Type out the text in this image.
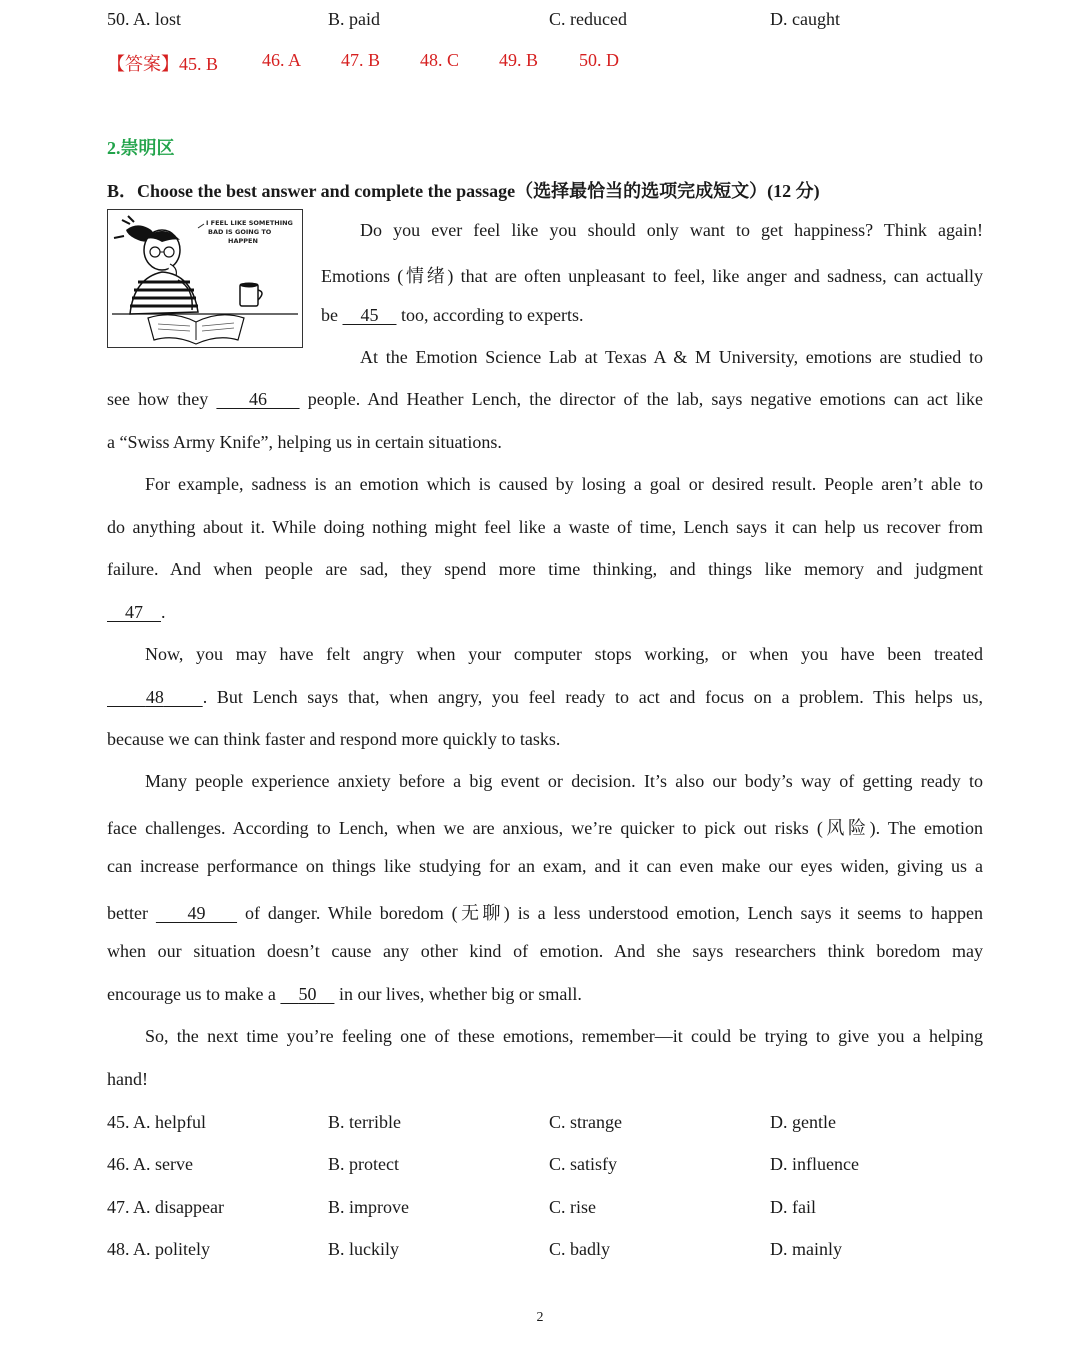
50. A. lost	B. paid	C. reduced	D. caught
【答案】45. B 46. A 47. B 48. C 49. B 50. D
2.崇明区
B．Choose the best answer and complete the passage（选择最恰当的选项完成短文）(12 分)
I FEEL LIKE SOMETHING
BAD IS GOING TO
HAPPEN
Do you ever feel like you should only want to get happiness? Think again!
Emotions (情绪) that are often unpleasant to feel, like anger and sadness, can actually
be 45 too, according to experts.
At the Emotion Science Lab at Texas A & M University, emotions are studied to
see how they 46 people. And Heather Lench, the director of the lab, says negative emotions can act like
a “Swiss Army Knife”, helping us in certain situations.
For example, sadness is an emotion which is caused by losing a goal or desired result. People aren’t able to
do anything about it. While doing nothing might feel like a waste of time, Lench says it can help us recover from
failure. And when people are sad, they spend more time thinking, and things like memory and judgment
47 .
Now, you may have felt angry when your computer stops working, or when you have been treated
48 . But Lench says that, when angry, you feel ready to act and focus on a problem. This helps us,
because we can think faster and respond more quickly to tasks.
Many people experience anxiety before a big event or decision. It’s also our body’s way of getting ready to
face challenges. According to Lench, when we are anxious, we’re quicker to pick out risks (风险). The emotion
can increase performance on things like studying for an exam, and it can even make our eyes widen, giving us a
better 49 of danger. While boredom (无聊) is a less understood emotion, Lench says it seems to happen
when our situation doesn’t cause any other kind of emotion. And she says researchers think boredom may
encourage us to make a 50 in our lives, whether big or small.
So, the next time you’re feeling one of these emotions, remember—it could be trying to give you a helping
hand!
45. A. helpful	B. terrible	C. strange	D. gentle
46. A. serve	B. protect	C. satisfy	D. influence
47. A. disappear	B. improve	C. rise	D. fail
48. A. politely	B. luckily	C. badly	D. mainly
2
